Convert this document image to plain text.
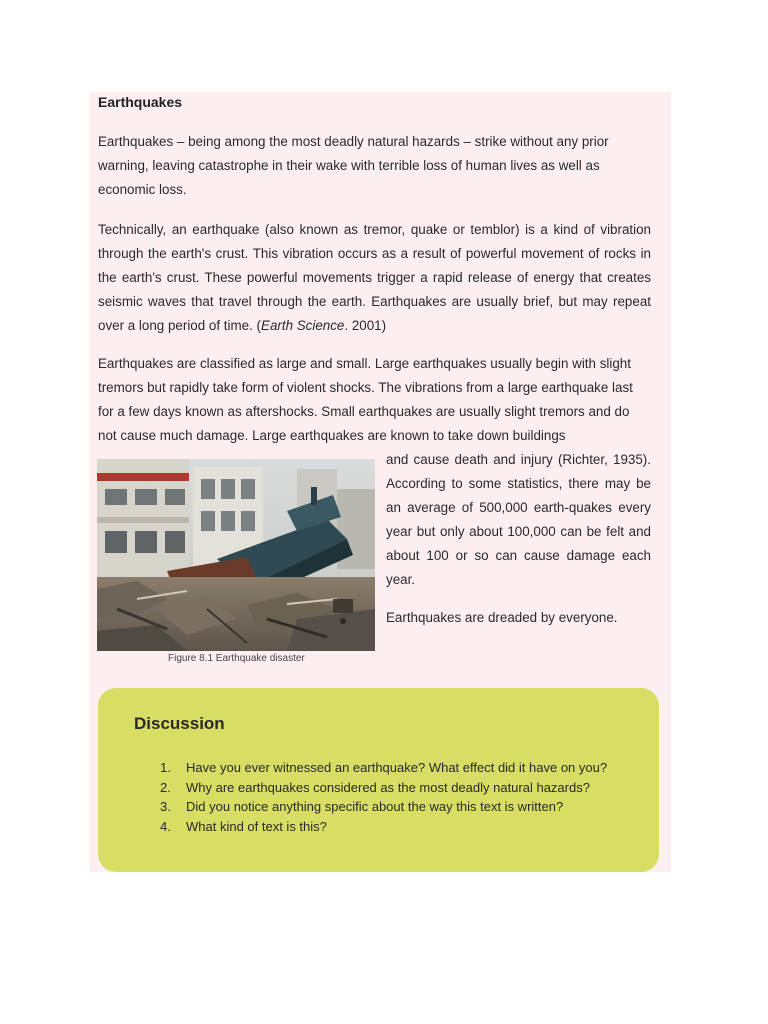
Earthquakes

Earthquakes – being among the most deadly natural hazards – strike without any prior warning, leaving catastrophe in their wake with terrible loss of human lives as well as economic loss.

Technically, an earthquake (also known as tremor, quake or temblor) is a kind of vibration through the earth's crust. This vibration occurs as a result of powerful movement of rocks in the earth's crust. These powerful movements trigger a rapid release of energy that creates seismic waves that travel through the earth. Earthquakes are usually brief, but may repeat over a long period of time. (Earth Science. 2001)

Earthquakes are classified as large and small. Large earthquakes usually begin with slight tremors but rapidly take form of violent shocks. The vibrations from a large earthquake last for a few days known as aftershocks. Small earthquakes are usually slight tremors and do not cause much damage. Large earthquakes are known to take down buildings

Figure 8.1 Earthquake disaster

and cause death and injury (Richter, 1935). According to some statistics, there may be an average of 500,000 earth-quakes every year but only about 100,000 can be felt and about 100 or so can cause damage each year.

Earthquakes are dreaded by everyone.

Discussion
1.	Have you ever witnessed an earthquake? What effect did it have on you?
2.	Why are earthquakes considered as the most deadly natural hazards?
3.	Did you notice anything specific about the way this text is written?
4.	What kind of text is this?
